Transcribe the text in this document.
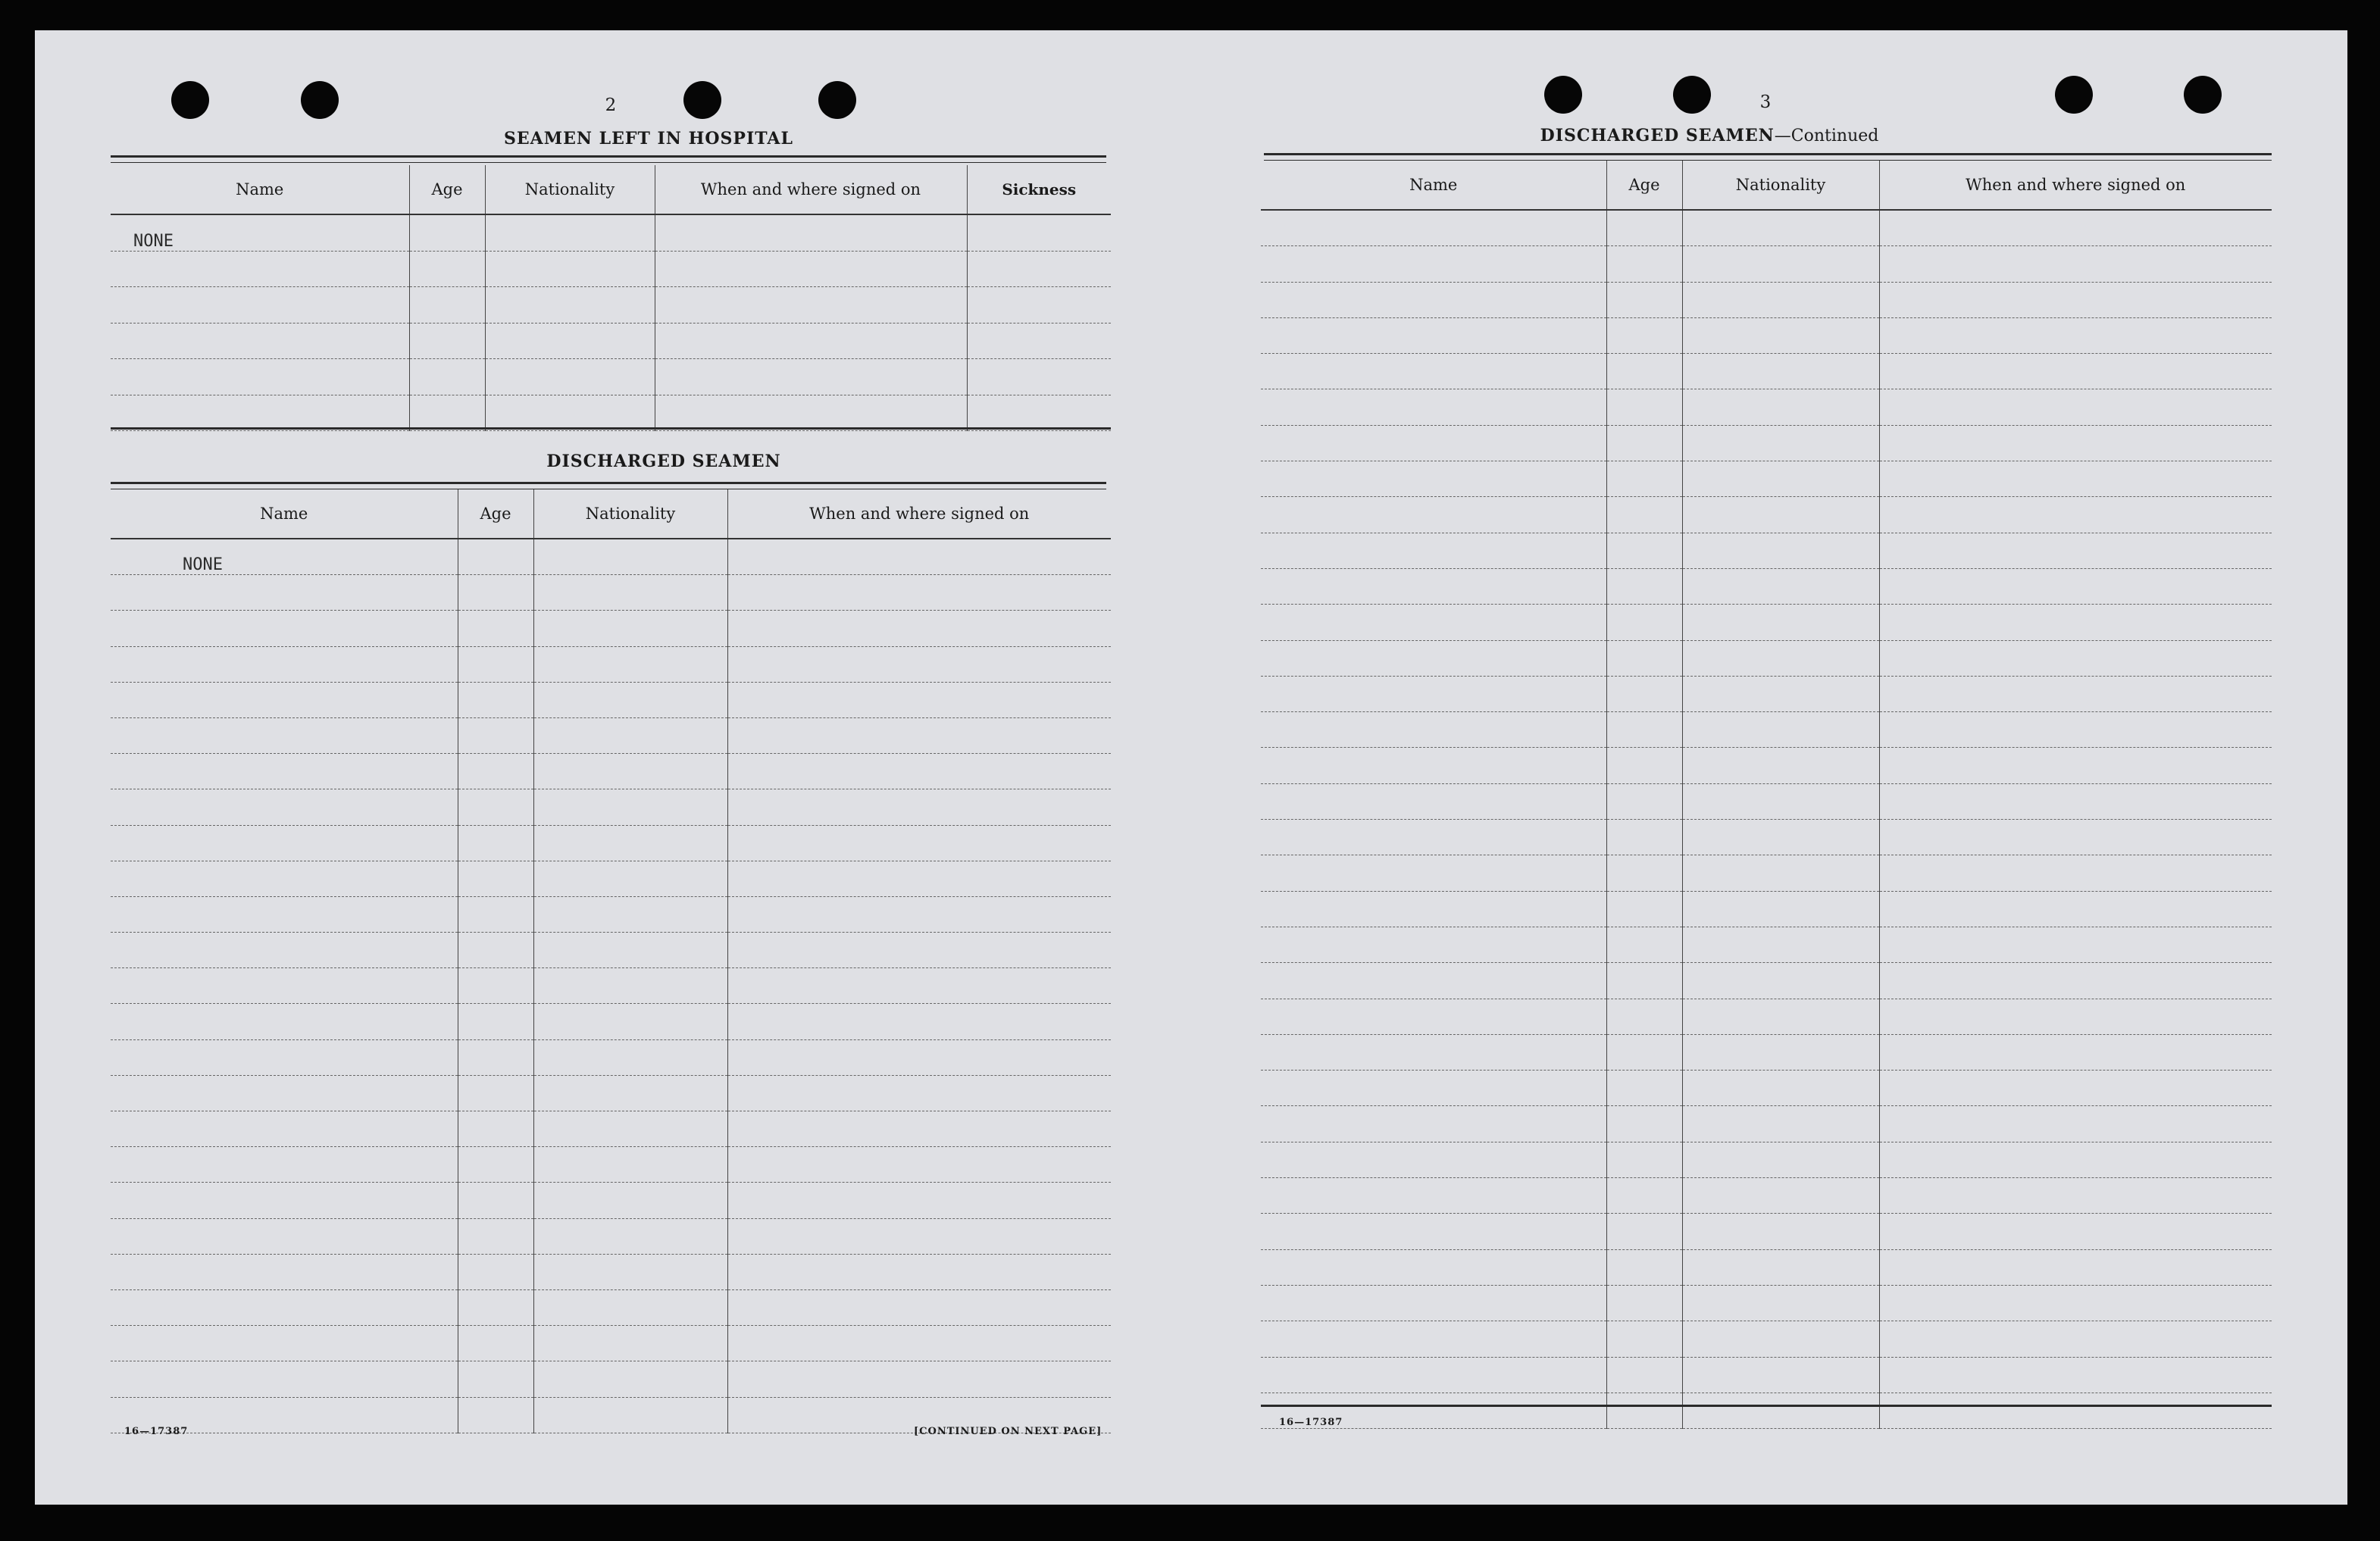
2
SEAMEN LEFT IN HOSPITAL
Name	Age	Nationality	When and where signed on	Sickness
NONE				

DISCHARGED SEAMEN
Name	Age	Nationality	When and where signed on
NONE			

16—17387	[CONTINUED ON NEXT PAGE]
3
DISCHARGED SEAMEN—Continued
Name	Age	Nationality	When and where signed on

16—17387
